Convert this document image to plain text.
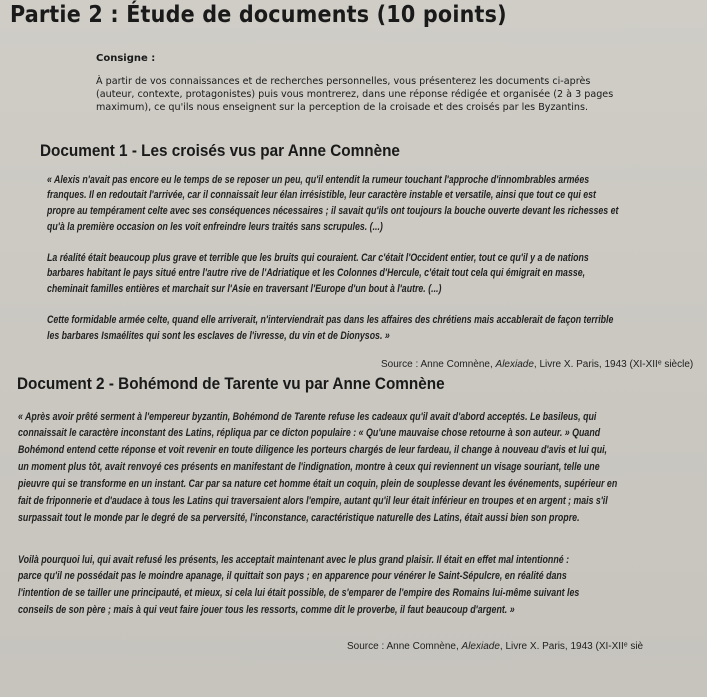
Partie 2 : Étude de documents (10 points)
Consigne :
À partir de vos connaissances et de recherches personnelles, vous présenterez les documents ci-après
(auteur, contexte, protagonistes) puis vous montrerez, dans une réponse rédigée et organisée (2 à 3 pages
maximum), ce qu'ils nous enseignent sur la perception de la croisade et des croisés par les Byzantins.
Document 1 - Les croisés vus par Anne Comnène
« Alexis n'avait pas encore eu le temps de se reposer un peu, qu'il entendit la rumeur touchant l'approche d'innombrables armées
franques. Il en redoutait l'arrivée, car il connaissait leur élan irrésistible, leur caractère instable et versatile, ainsi que tout ce qui est
propre au tempérament celte avec ses conséquences nécessaires ; il savait qu'ils ont toujours la bouche ouverte devant les richesses et
qu'à la première occasion on les voit enfreindre leurs traités sans scrupules. (...)
La réalité était beaucoup plus grave et terrible que les bruits qui couraient. Car c'était l'Occident entier, tout ce qu'il y a de nations
barbares habitant le pays situé entre l'autre rive de l'Adriatique et les Colonnes d'Hercule, c'était tout cela qui émigrait en masse,
cheminait familles entières et marchait sur l'Asie en traversant l'Europe d'un bout à l'autre. (...)
Cette formidable armée celte, quand elle arriverait, n'interviendrait pas dans les affaires des chrétiens mais accablerait de façon terrible
les barbares Ismaélites qui sont les esclaves de l'ivresse, du vin et de Dionysos. »
Source : Anne Comnène, Alexiade, Livre X. Paris, 1943 (XI-XIIᵉ siècle)
Document 2 - Bohémond de Tarente vu par Anne Comnène
« Après avoir prêté serment à l'empereur byzantin, Bohémond de Tarente refuse les cadeaux qu'il avait d'abord acceptés. Le basileus, qui
connaissait le caractère inconstant des Latins, répliqua par ce dicton populaire : « Qu'une mauvaise chose retourne à son auteur. » Quand
Bohémond entend cette réponse et voit revenir en toute diligence les porteurs chargés de leur fardeau, il change à nouveau d'avis et lui qui,
un moment plus tôt, avait renvoyé ces présents en manifestant de l'indignation, montre à ceux qui reviennent un visage souriant, telle une
pieuvre qui se transforme en un instant. Car par sa nature cet homme était un coquin, plein de souplesse devant les événements, supérieur en
fait de friponnerie et d'audace à tous les Latins qui traversaient alors l'empire, autant qu'il leur était inférieur en troupes et en argent ; mais s'il
surpassait tout le monde par le degré de sa perversité, l'inconstance, caractéristique naturelle des Latins, était aussi bien son propre.
Voilà pourquoi lui, qui avait refusé les présents, les acceptait maintenant avec le plus grand plaisir. Il était en effet mal intentionné :
parce qu'il ne possédait pas le moindre apanage, il quittait son pays ; en apparence pour vénérer le Saint-Sépulcre, en réalité dans
l'intention de se tailler une principauté, et mieux, si cela lui était possible, de s'emparer de l'empire des Romains lui-même suivant les
conseils de son père ; mais à qui veut faire jouer tous les ressorts, comme dit le proverbe, il faut beaucoup d'argent. »
Source : Anne Comnène, Alexiade, Livre X. Paris, 1943 (XI-XIIᵉ siè
